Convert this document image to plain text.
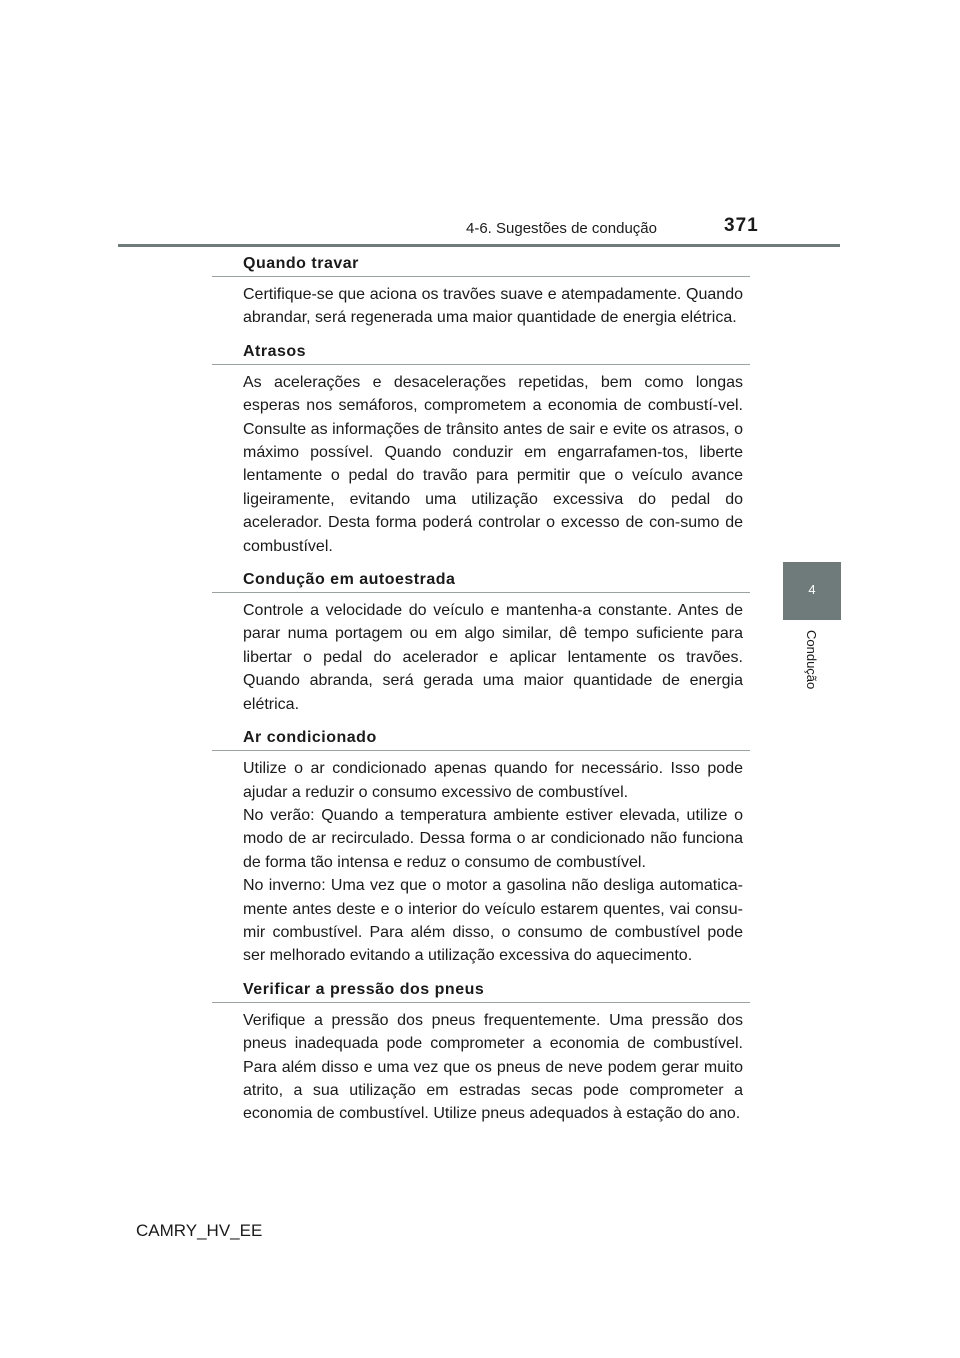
4-6. Sugestões de condução	371
4
Condução
Quando travar

Certifique-se que aciona os travões suave e atempadamente. Quando abrandar, será regenerada uma maior quantidade de energia elétrica.

Atrasos

As acelerações e desacelerações repetidas, bem como longas esperas nos semáforos, comprometem a economia de combustí-vel. Consulte as informações de trânsito antes de sair e evite os atrasos, o máximo possível. Quando conduzir em engarrafamen-tos, liberte lentamente o pedal do travão para permitir que o veículo avance ligeiramente, evitando uma utilização excessiva do pedal do acelerador. Desta forma poderá controlar o excesso de con-sumo de combustível.

Condução em autoestrada

Controle a velocidade do veículo e mantenha-a constante. Antes de parar numa portagem ou em algo similar, dê tempo suficiente para libertar o pedal do acelerador e aplicar lentamente os travões. Quando abranda, será gerada uma maior quantidade de energia elétrica.

Ar condicionado

Utilize o ar condicionado apenas quando for necessário. Isso pode ajudar a reduzir o consumo excessivo de combustível.

No verão: Quando a temperatura ambiente estiver elevada, utilize o modo de ar recirculado. Dessa forma o ar condicionado não funciona de forma tão intensa e reduz o consumo de combustível.

No inverno: Uma vez que o motor a gasolina não desliga automatica-mente antes deste e o interior do veículo estarem quentes, vai consu-mir combustível. Para além disso, o consumo de combustível pode ser melhorado evitando a utilização excessiva do aquecimento.

Verificar a pressão dos pneus

Verifique a pressão dos pneus frequentemente. Uma pressão dos pneus inadequada pode comprometer a economia de combustível. Para além disso e uma vez que os pneus de neve podem gerar muito atrito, a sua utilização em estradas secas pode comprometer a economia de combustível. Utilize pneus adequados à estação do ano.

CAMRY_HV_EE
